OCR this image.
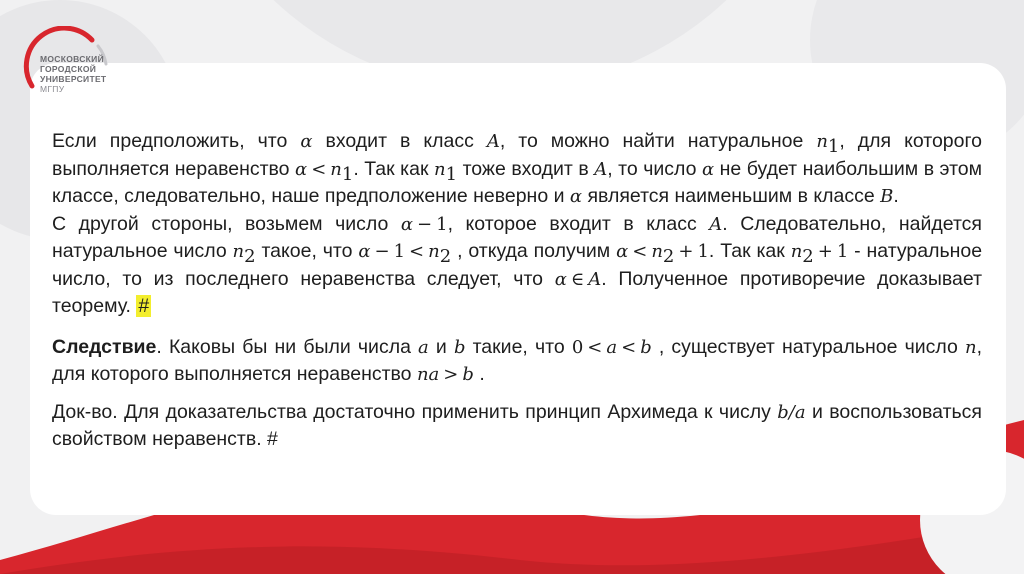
МОСКОВСКИЙ
ГОРОДСКОЙ
УНИВЕРСИТЕТ
МГПУ

Если предположить, что α входит в класс A, то можно найти натуральное $n_1$, для которого выполняется неравенство $\alpha < n_1$. Так как $n_1$ тоже входит в A, то число α не будет наибольшим в этом классе, следовательно, наше предположение неверно и α является наименьшим в классе B.

С другой стороны, возьмем число α − 1, которое входит в класс A. Следовательно, найдется натуральное число $n_2$ такое, что $\alpha - 1 < n_2$ , откуда получим $\alpha < n_2 + 1$. Так как $n_2 + 1$ - натуральное число, то из последнего неравенства следует, что α ∈ A. Полученное противоречие доказывает теорему. #

Следствие. Каковы бы ни были числа a и b такие, что 0 < a < b , существует натуральное число n, для которого выполняется неравенство na > b .

Док-во. Для доказательства достаточно применить принцип Архимеда к числу b/a и воспользоваться свойством неравенств. #
